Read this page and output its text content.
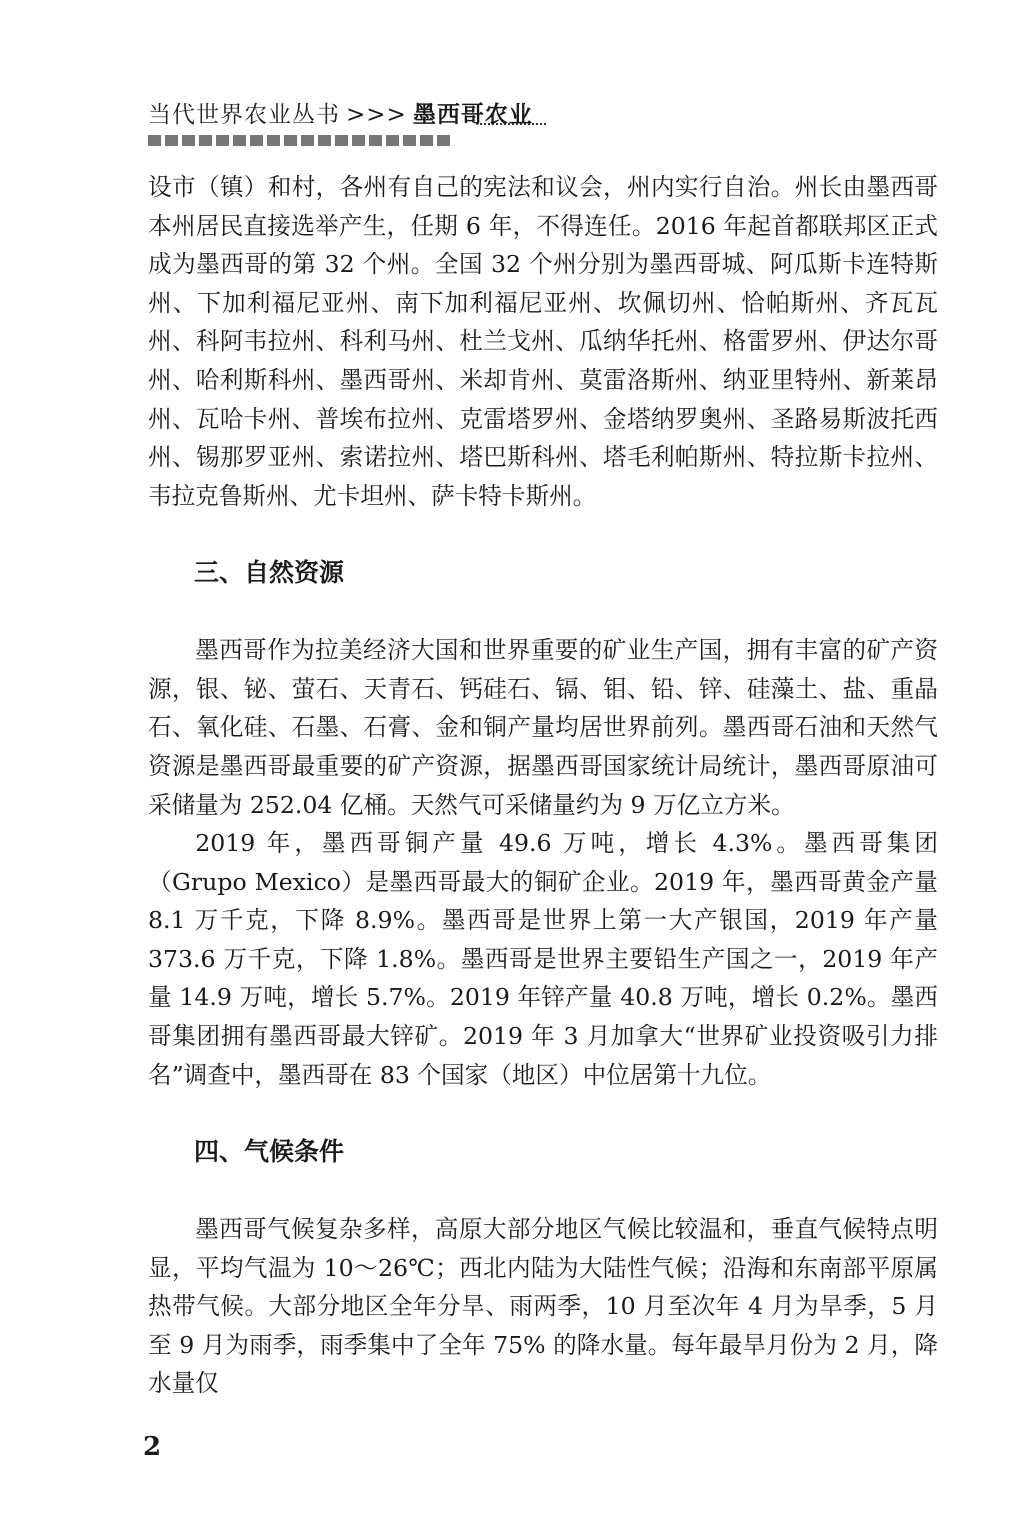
当代世界农业丛书 >>> 墨西哥农业

设市（镇）和村，各州有自己的宪法和议会，州内实行自治。州长由墨西哥本州居民直接选举产生，任期 6 年，不得连任。2016 年起首都联邦区正式成为墨西哥的第 32 个州。全国 32 个州分别为墨西哥城、阿瓜斯卡连特斯州、下加利福尼亚州、南下加利福尼亚州、坎佩切州、恰帕斯州、齐瓦瓦州、科阿韦拉州、科利马州、杜兰戈州、瓜纳华托州、格雷罗州、伊达尔哥州、哈利斯科州、墨西哥州、米却肯州、莫雷洛斯州、纳亚里特州、新莱昂州、瓦哈卡州、普埃布拉州、克雷塔罗州、金塔纳罗奥州、圣路易斯波托西州、锡那罗亚州、索诺拉州、塔巴斯科州、塔毛利帕斯州、特拉斯卡拉州、韦拉克鲁斯州、尤卡坦州、萨卡特卡斯州。

三、自然资源

墨西哥作为拉美经济大国和世界重要的矿业生产国，拥有丰富的矿产资源，银、铋、萤石、天青石、钙硅石、镉、钼、铅、锌、硅藻土、盐、重晶石、氧化硅、石墨、石膏、金和铜产量均居世界前列。墨西哥石油和天然气资源是墨西哥最重要的矿产资源，据墨西哥国家统计局统计，墨西哥原油可采储量为 252.04 亿桶。天然气可采储量约为 9 万亿立方米。

2019 年，墨西哥铜产量 49.6 万吨，增长 4.3%。墨西哥集团（Grupo Mexico）是墨西哥最大的铜矿企业。2019 年，墨西哥黄金产量 8.1 万千克，下降 8.9%。墨西哥是世界上第一大产银国，2019 年产量 373.6 万千克，下降 1.8%。墨西哥是世界主要铅生产国之一，2019 年产量 14.9 万吨，增长 5.7%。2019 年锌产量 40.8 万吨，增长 0.2%。墨西哥集团拥有墨西哥最大锌矿。2019 年 3 月加拿大“世界矿业投资吸引力排名”调查中，墨西哥在 83 个国家（地区）中位居第十九位。

四、气候条件

墨西哥气候复杂多样，高原大部分地区气候比较温和，垂直气候特点明显，平均气温为 10～26℃；西北内陆为大陆性气候；沿海和东南部平原属热带气候。大部分地区全年分旱、雨两季，10 月至次年 4 月为旱季，5 月至 9 月为雨季，雨季集中了全年 75% 的降水量。每年最旱月份为 2 月，降水量仅

2
